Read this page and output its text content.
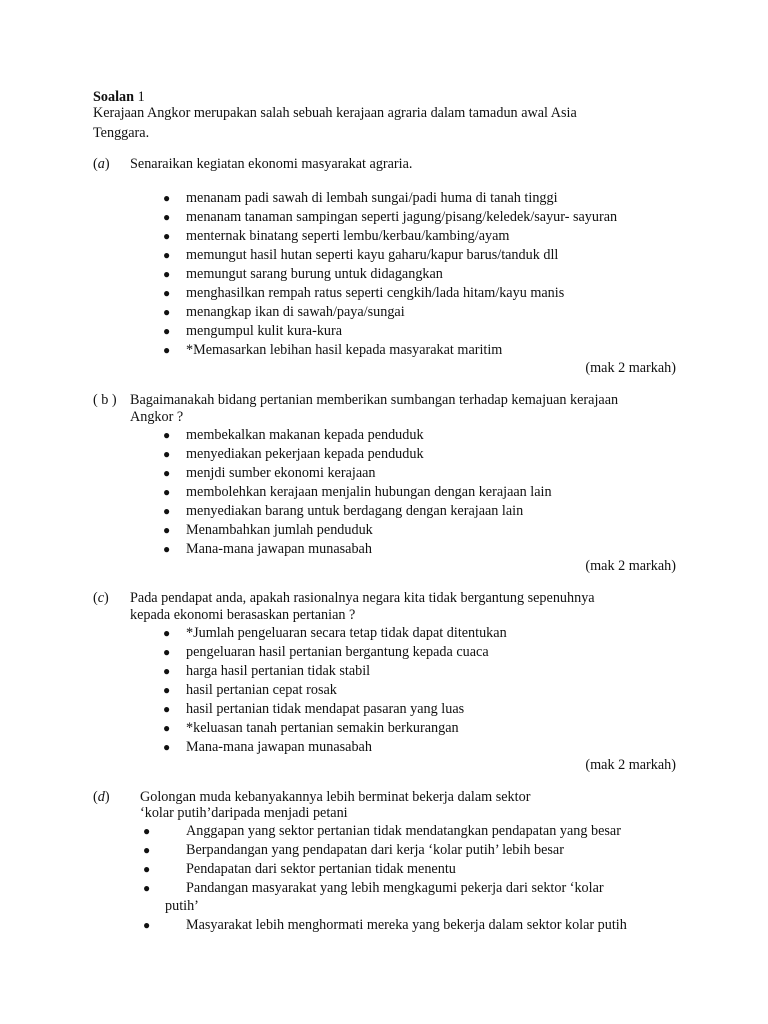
Soalan 1
Kerajaan Angkor merupakan salah sebuah kerajaan agraria dalam tamadun awal Asia
Tenggara.
(a) Senaraikan kegiatan ekonomi masyarakat agraria.
● menanam padi sawah di lembah sungai/padi huma di tanah tinggi
● menanam tanaman sampingan seperti jagung/pisang/keledek/sayur- sayuran
● menternak binatang seperti lembu/kerbau/kambing/ayam
● memungut hasil hutan seperti kayu gaharu/kapur barus/tanduk dll
● memungut sarang burung untuk didagangkan
● menghasilkan rempah ratus seperti cengkih/lada hitam/kayu manis
● menangkap ikan di sawah/paya/sungai
● mengumpul kulit kura-kura
● *Memasarkan lebihan hasil kepada masyarakat maritim
(mak 2 markah)
( b ) Bagaimanakah bidang pertanian memberikan sumbangan terhadap kemajuan kerajaan
Angkor ?
● membekalkan makanan kepada penduduk
● menyediakan pekerjaan kepada penduduk
● menjdi sumber ekonomi kerajaan
● membolehkan kerajaan menjalin hubungan dengan kerajaan lain
● menyediakan barang untuk berdagang dengan kerajaan lain
● Menambahkan jumlah penduduk
● Mana-mana jawapan munasabah
(mak 2 markah)
(c) Pada pendapat anda, apakah rasionalnya negara kita tidak bergantung sepenuhnya
kepada ekonomi berasaskan pertanian ?
● *Jumlah pengeluaran secara tetap tidak dapat ditentukan
● pengeluaran hasil pertanian bergantung kepada cuaca
● harga hasil pertanian tidak stabil
● hasil pertanian cepat rosak
● hasil pertanian tidak mendapat pasaran yang luas
● *keluasan tanah pertanian semakin berkurangan
● Mana-mana jawapan munasabah
(mak 2 markah)
(d) Golongan muda kebanyakannya lebih berminat bekerja dalam sektor
‘kolar putih’daripada menjadi petani
●	Anggapan yang sektor pertanian tidak mendatangkan pendapatan yang besar
●	Berpandangan yang pendapatan dari kerja ‘kolar putih’ lebih besar
●	Pendapatan dari sektor pertanian tidak menentu
●	Pandangan masyarakat yang lebih mengkagumi pekerja dari sektor ‘kolar
putih’
●	Masyarakat lebih menghormati mereka yang bekerja dalam sektor kolar putih
